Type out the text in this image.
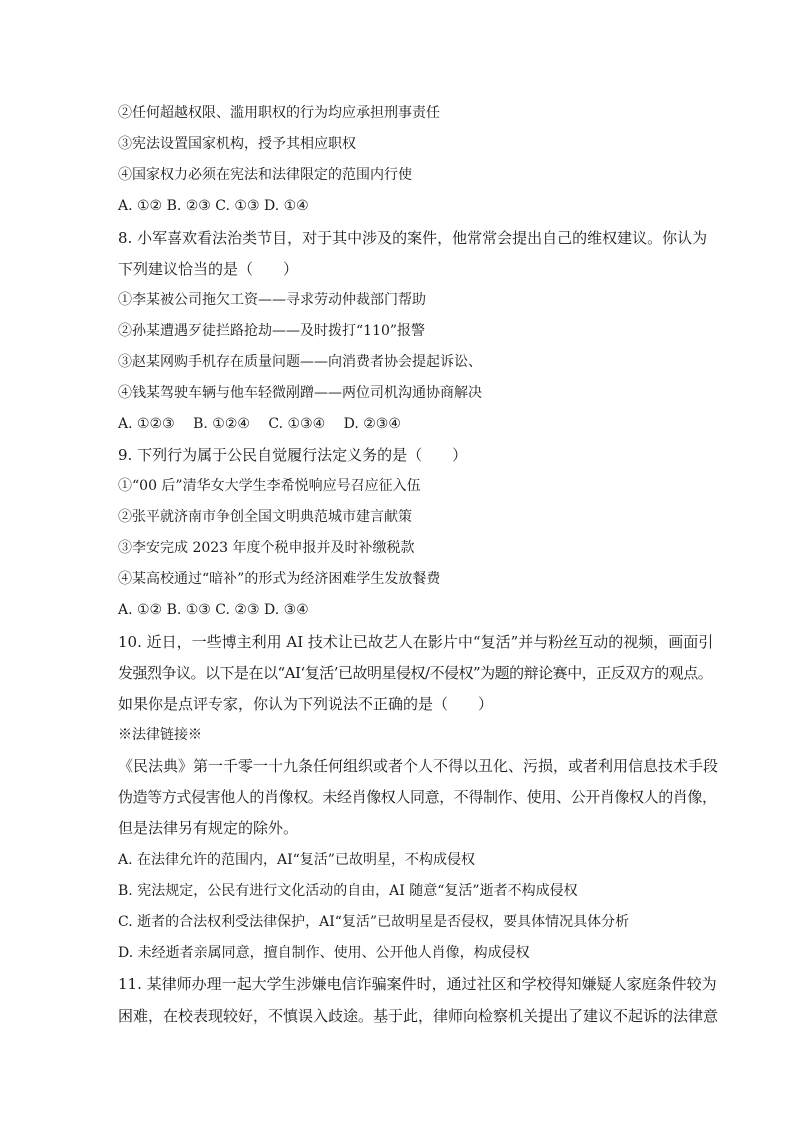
②任何超越权限、滥用职权的行为均应承担刑事责任
③宪法设置国家机构，授予其相应职权
④国家权力必须在宪法和法律限定的范围内行使
A. ①② B. ②③ C. ①③ D. ①④
8. 小军喜欢看法治类节目，对于其中涉及的案件，他常常会提出自己的维权建议。你认为
下列建议恰当的是（　　）
①李某被公司拖欠工资——寻求劳动仲裁部门帮助
②孙某遭遇歹徒拦路抢劫——及时拨打“110”报警
③赵某网购手机存在质量问题——向消费者协会提起诉讼、
④钱某驾驶车辆与他车轻微剐蹭——两位司机沟通协商解决
A. ①②③　 B. ①②④　 C. ①③④　 D. ②③④
9. 下列行为属于公民自觉履行法定义务的是（　　）
①“00 后”清华女大学生李希悦响应号召应征入伍
②张平就济南市争创全国文明典范城市建言献策
③李安完成 2023 年度个税申报并及时补缴税款
④某高校通过“暗补”的形式为经济困难学生发放餐费
A. ①② B. ①③ C. ②③ D. ③④
10. 近日，一些博主利用 AI 技术让已故艺人在影片中“复活”并与粉丝互动的视频，画面引
发强烈争议。以下是在以“AI‘复活’已故明星侵权/不侵权”为题的辩论赛中，正反双方的观点。
如果你是点评专家，你认为下列说法不正确的是（　　）
※法律链接※
《民法典》第一千零一十九条任何组织或者个人不得以丑化、污损，或者利用信息技术手段
伪造等方式侵害他人的肖像权。未经肖像权人同意，不得制作、使用、公开肖像权人的肖像，
但是法律另有规定的除外。
A. 在法律允许的范围内，AI“复活”已故明星，不构成侵权
B. 宪法规定，公民有进行文化活动的自由，AI 随意“复活”逝者不构成侵权
C. 逝者的合法权利受法律保护，AI“复活”已故明星是否侵权，要具体情况具体分析
D. 未经逝者亲属同意，擅自制作、使用、公开他人肖像，构成侵权
11. 某律师办理一起大学生涉嫌电信诈骗案件时，通过社区和学校得知嫌疑人家庭条件较为
困难，在校表现较好，不慎误入歧途。基于此，律师向检察机关提出了建议不起诉的法律意
